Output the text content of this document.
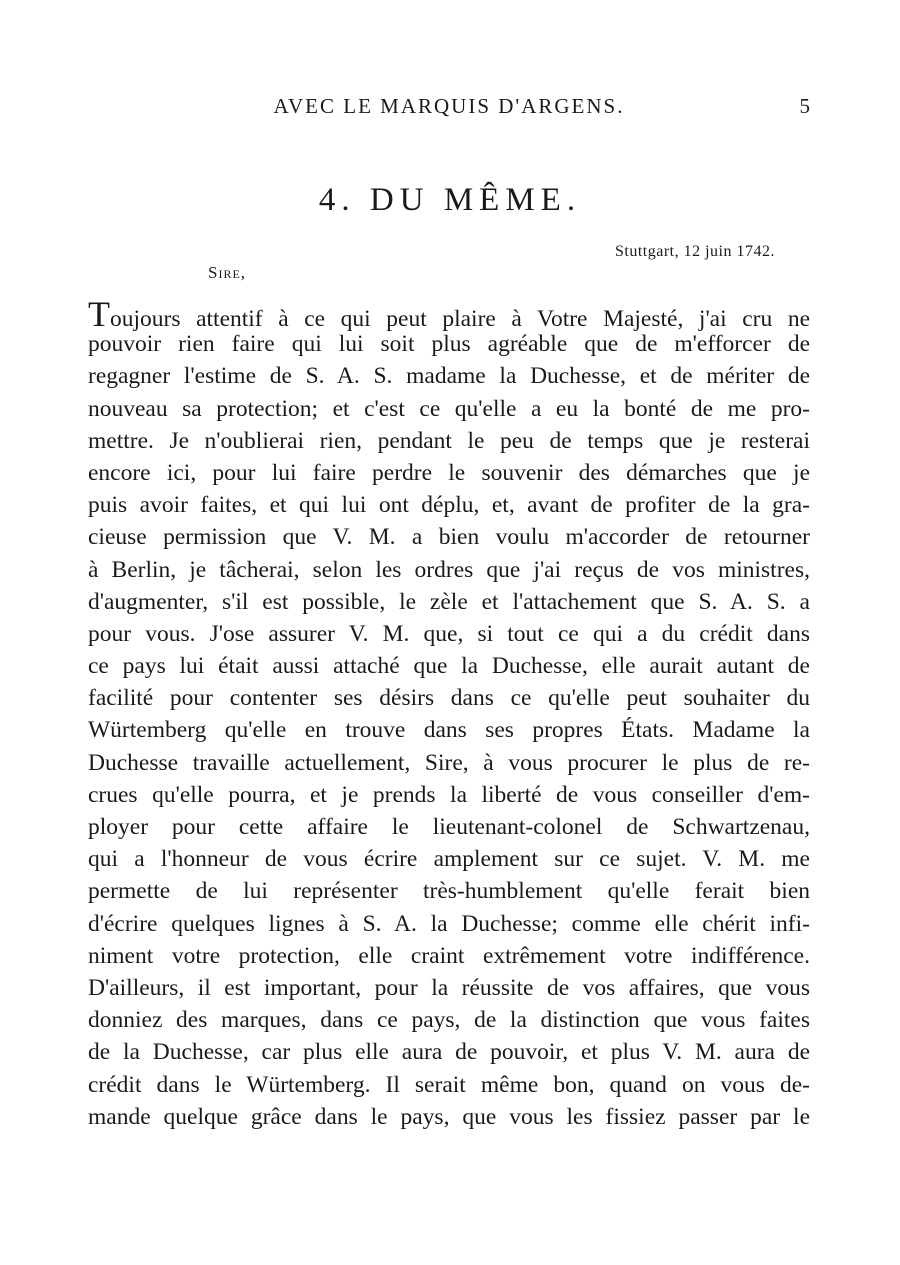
AVEC LE MARQUIS D'ARGENS.	5
4. DU MÊME.
Stuttgart, 12 juin 1742.
Sire,
Toujours attentif à ce qui peut plaire à Votre Majesté, j'ai cru ne
pouvoir rien faire qui lui soit plus agréable que de m'efforcer de
regagner l'estime de S. A. S. madame la Duchesse, et de mériter de
nouveau sa protection; et c'est ce qu'elle a eu la bonté de me pro-
mettre. Je n'oublierai rien, pendant le peu de temps que je resterai
encore ici, pour lui faire perdre le souvenir des démarches que je
puis avoir faites, et qui lui ont déplu, et, avant de profiter de la gra-
cieuse permission que V. M. a bien voulu m'accorder de retourner
à Berlin, je tâcherai, selon les ordres que j'ai reçus de vos ministres,
d'augmenter, s'il est possible, le zèle et l'attachement que S. A. S. a
pour vous. J'ose assurer V. M. que, si tout ce qui a du crédit dans
ce pays lui était aussi attaché que la Duchesse, elle aurait autant de
facilité pour contenter ses désirs dans ce qu'elle peut souhaiter du
Würtemberg qu'elle en trouve dans ses propres États. Madame la
Duchesse travaille actuellement, Sire, à vous procurer le plus de re-
crues qu'elle pourra, et je prends la liberté de vous conseiller d'em-
ployer pour cette affaire le lieutenant-colonel de Schwartzenau,
qui a l'honneur de vous écrire amplement sur ce sujet. V. M. me
permette de lui représenter très-humblement qu'elle ferait bien
d'écrire quelques lignes à S. A. la Duchesse; comme elle chérit infi-
niment votre protection, elle craint extrêmement votre indifférence.
D'ailleurs, il est important, pour la réussite de vos affaires, que vous
donniez des marques, dans ce pays, de la distinction que vous faites
de la Duchesse, car plus elle aura de pouvoir, et plus V. M. aura de
crédit dans le Würtemberg. Il serait même bon, quand on vous de-
mande quelque grâce dans le pays, que vous les fissiez passer par le
